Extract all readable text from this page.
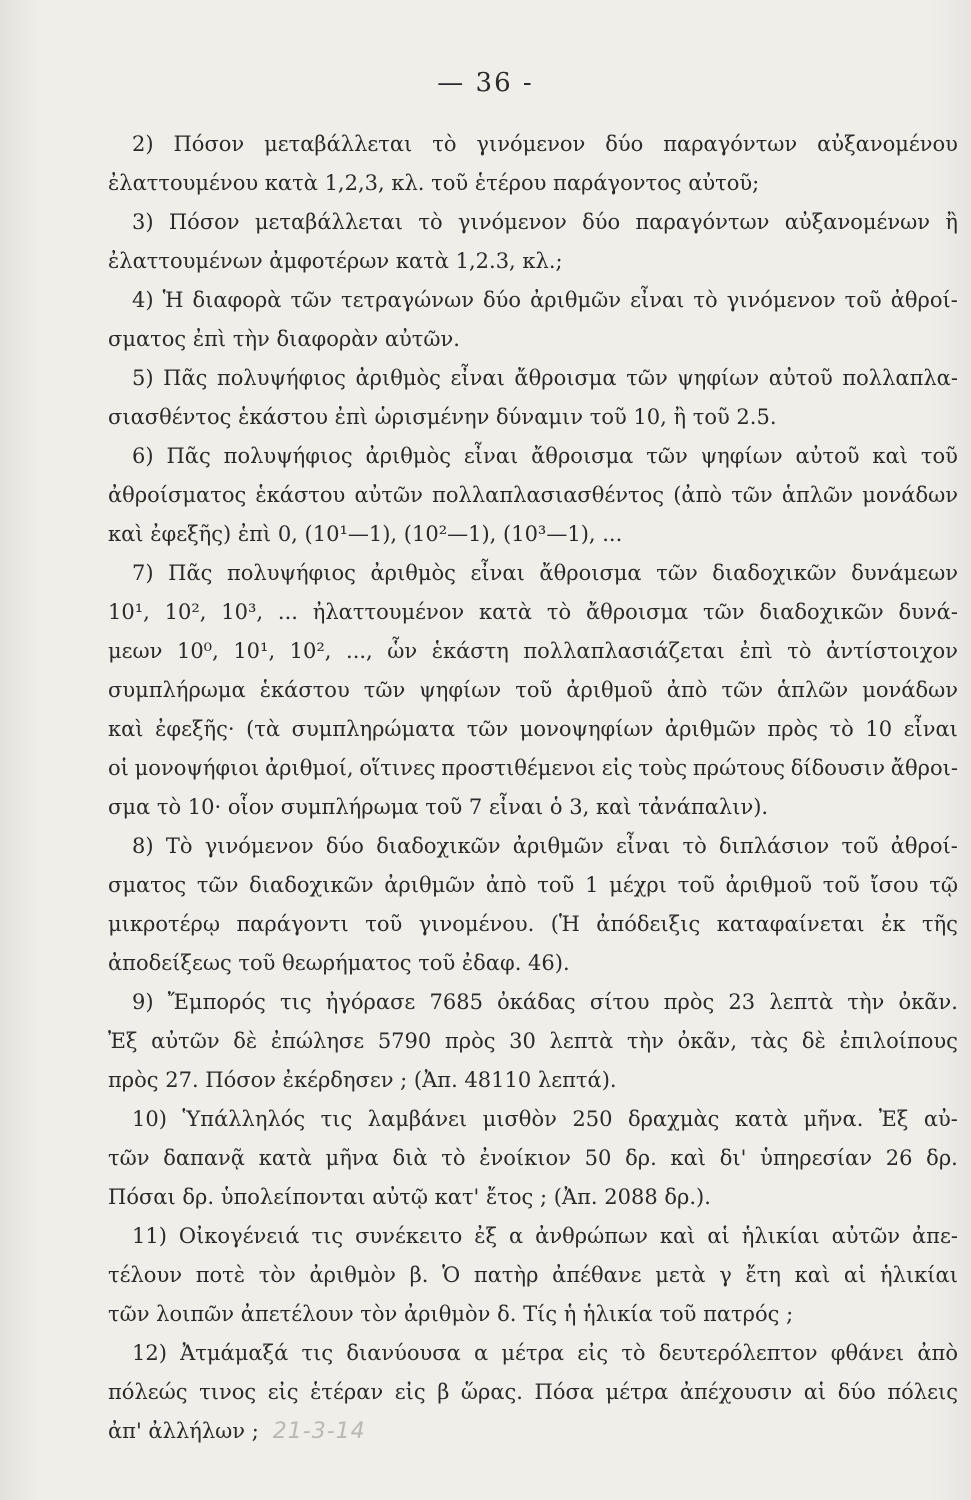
— 36 -
2) Πόσον μεταβάλλεται τὸ γινόμενον δύο παραγόντων αὐξανομένου
ἐλαττουμένου κατὰ 1,2,3, κλ. τοῦ ἑτέρου παράγοντος αὐτοῦ;
3) Πόσον μεταβάλλεται τὸ γινόμενον δύο παραγόντων αὐξανομένων ἢ
ἐλαττουμένων ἀμφοτέρων κατὰ 1,2.3, κλ.;
4) Ἡ διαφορὰ τῶν τετραγώνων δύο ἀριθμῶν εἶναι τὸ γινόμενον τοῦ ἀθροί-
σματος ἐπὶ τὴν διαφορὰν αὐτῶν.
5) Πᾶς πολυψήφιος ἀριθμὸς εἶναι ἄθροισμα τῶν ψηφίων αὐτοῦ πολλαπλα-
σιασθέντος ἑκάστου ἐπὶ ὡρισμένην δύναμιν τοῦ 10, ἢ τοῦ 2.5.
6) Πᾶς πολυψήφιος ἀριθμὸς εἶναι ἄθροισμα τῶν ψηφίων αὐτοῦ καὶ τοῦ
ἀθροίσματος ἑκάστου αὐτῶν πολλαπλασιασθέντος (ἀπὸ τῶν ἁπλῶν μονάδων
καὶ ἐφεξῆς) ἐπὶ 0, (10¹—1), (10²—1), (10³—1), ...
7) Πᾶς πολυψήφιος ἀριθμὸς εἶναι ἄθροισμα τῶν διαδοχικῶν δυνάμεων
10¹, 10², 10³, ... ἠλαττουμένον κατὰ τὸ ἄθροισμα τῶν διαδοχικῶν δυνά-
μεων 10⁰, 10¹, 10², ..., ὧν ἑκάστη πολλαπλασιάζεται ἐπὶ τὸ ἀντίστοιχον
συμπλήρωμα ἑκάστου τῶν ψηφίων τοῦ ἀριθμοῦ ἀπὸ τῶν ἁπλῶν μονάδων
καὶ ἐφεξῆς· (τὰ συμπληρώματα τῶν μονοψηφίων ἀριθμῶν πρὸς τὸ 10 εἶναι
οἱ μονοψήφιοι ἀριθμοί, οἵτινες προστιθέμενοι εἰς τοὺς πρώτους δίδουσιν ἄθροι-
σμα τὸ 10· οἷον συμπλήρωμα τοῦ 7 εἶναι ὁ 3, καὶ τἀνάπαλιν).
8) Τὸ γινόμενον δύο διαδοχικῶν ἀριθμῶν εἶναι τὸ διπλάσιον τοῦ ἀθροί-
σματος τῶν διαδοχικῶν ἀριθμῶν ἀπὸ τοῦ 1 μέχρι τοῦ ἀριθμοῦ τοῦ ἴσου τῷ
μικροτέρῳ παράγοντι τοῦ γινομένου. (Ἡ ἀπόδειξις καταφαίνεται ἐκ τῆς
ἀποδείξεως τοῦ θεωρήματος τοῦ ἐδαφ. 46).
9) Ἔμπορός τις ἠγόρασε 7685 ὀκάδας σίτου πρὸς 23 λεπτὰ τὴν ὀκᾶν.
Ἐξ αὐτῶν δὲ ἐπώλησε 5790 πρὸς 30 λεπτὰ τὴν ὀκᾶν, τὰς δὲ ἐπιλοίπους
πρὸς 27. Πόσον ἐκέρδησεν ; (Ἀπ. 48110 λεπτά).
10) Ὑπάλληλός τις λαμβάνει μισθὸν 250 δραχμὰς κατὰ μῆνα. Ἐξ αὐ-
τῶν δαπανᾷ κατὰ μῆνα διὰ τὸ ἐνοίκιον 50 δρ. καὶ δι' ὑπηρεσίαν 26 δρ.
Πόσαι δρ. ὑπολείπονται αὐτῷ κατ' ἔτος ; (Ἀπ. 2088 δρ.).
11) Οἰκογένειά τις συνέκειτο ἐξ α ἀνθρώπων καὶ αἱ ἡλικίαι αὐτῶν ἀπε-
τέλουν ποτὲ τὸν ἀριθμὸν β. Ὁ πατὴρ ἀπέθανε μετὰ γ ἔτη καὶ αἱ ἡλικίαι
τῶν λοιπῶν ἀπετέλουν τὸν ἀριθμὸν δ. Τίς ἡ ἡλικία τοῦ πατρός ;
12) Ἀτμάμαξά τις διανύουσα α μέτρα εἰς τὸ δευτερόλεπτον φθάνει ἀπὸ
πόλεώς τινος εἰς ἑτέραν εἰς β ὥρας. Πόσα μέτρα ἀπέχουσιν αἱ δύο πόλεις
ἀπ' ἀλλήλων ; 21-3-14
